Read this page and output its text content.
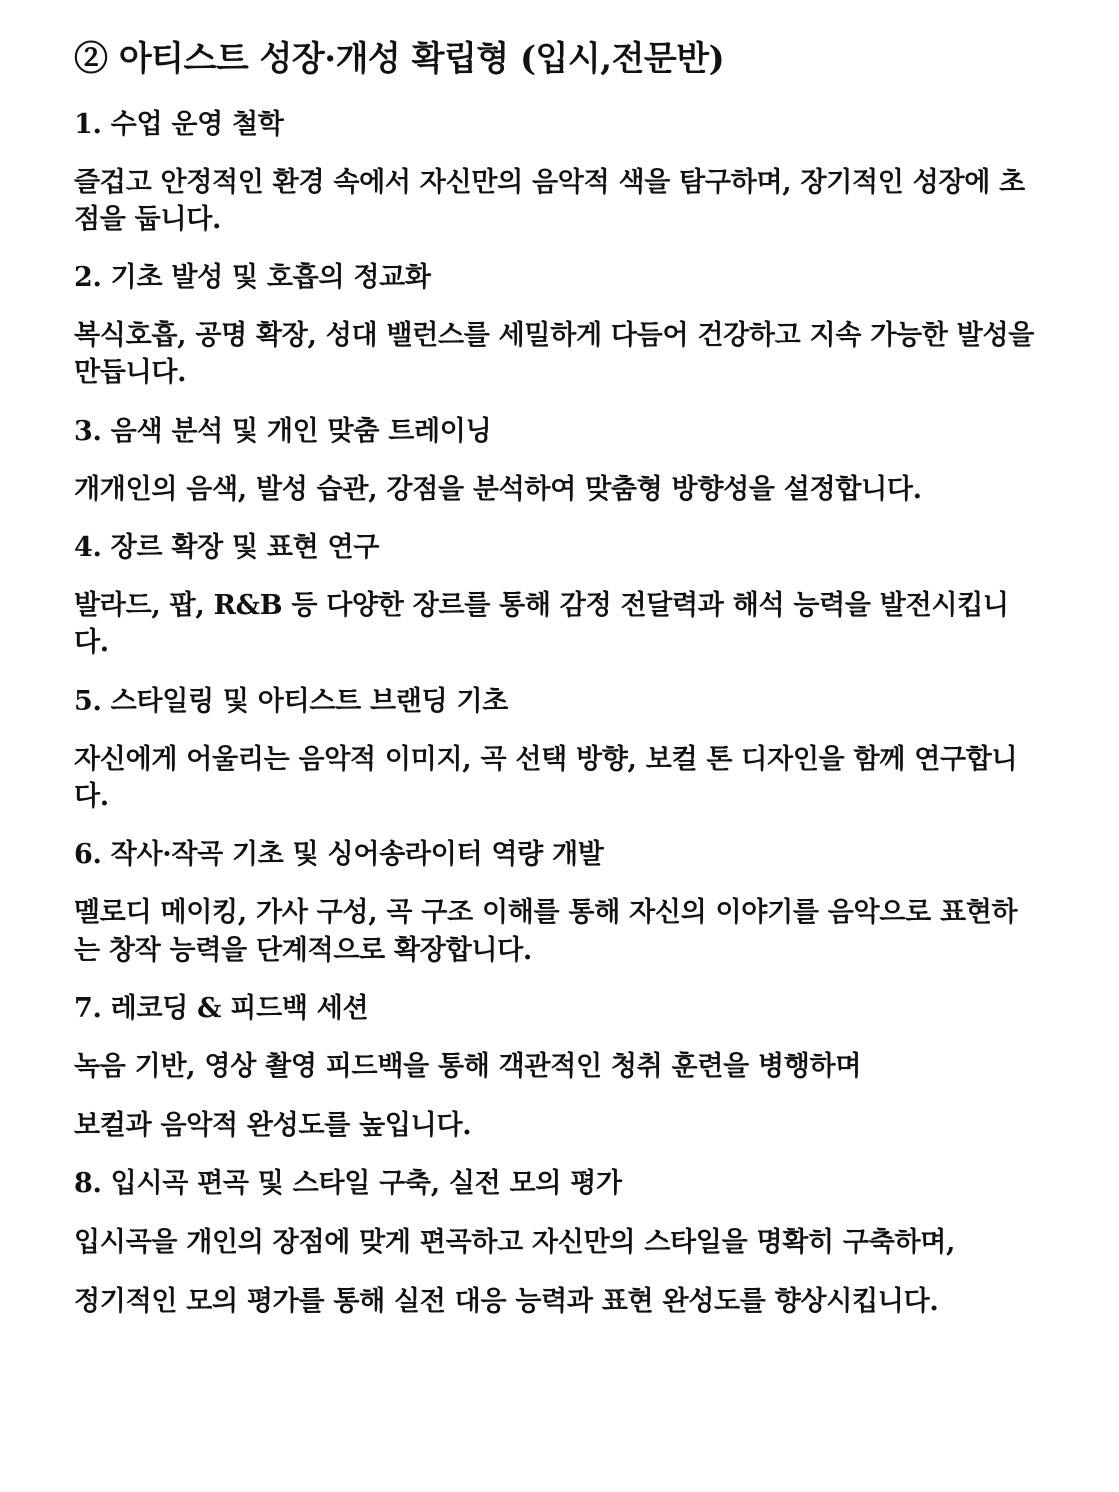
② 아티스트 성장·개성 확립형 (입시,전문반)
1. 수업 운영 철학
즐겁고 안정적인 환경 속에서 자신만의 음악적 색을 탐구하며, 장기적인 성장에 초점을 둡니다.
2. 기초 발성 및 호흡의 정교화
복식호흡, 공명 확장, 성대 밸런스를 세밀하게 다듬어 건강하고 지속 가능한 발성을 만듭니다.
3. 음색 분석 및 개인 맞춤 트레이닝
개개인의 음색, 발성 습관, 강점을 분석하여 맞춤형 방향성을 설정합니다.
4. 장르 확장 및 표현 연구
발라드, 팝, R&B 등 다양한 장르를 통해 감정 전달력과 해석 능력을 발전시킵니다.
5. 스타일링 및 아티스트 브랜딩 기초
자신에게 어울리는 음악적 이미지, 곡 선택 방향, 보컬 톤 디자인을 함께 연구합니다.
6. 작사·작곡 기초 및 싱어송라이터 역량 개발
멜로디 메이킹, 가사 구성, 곡 구조 이해를 통해 자신의 이야기를 음악으로 표현하는 창작 능력을 단계적으로 확장합니다.
7. 레코딩 & 피드백 세션
녹음 기반, 영상 촬영 피드백을 통해 객관적인 청취 훈련을 병행하며
보컬과 음악적 완성도를 높입니다.
8. 입시곡 편곡 및 스타일 구축, 실전 모의 평가
입시곡을 개인의 장점에 맞게 편곡하고 자신만의 스타일을 명확히 구축하며,
정기적인 모의 평가를 통해 실전 대응 능력과 표현 완성도를 향상시킵니다.
